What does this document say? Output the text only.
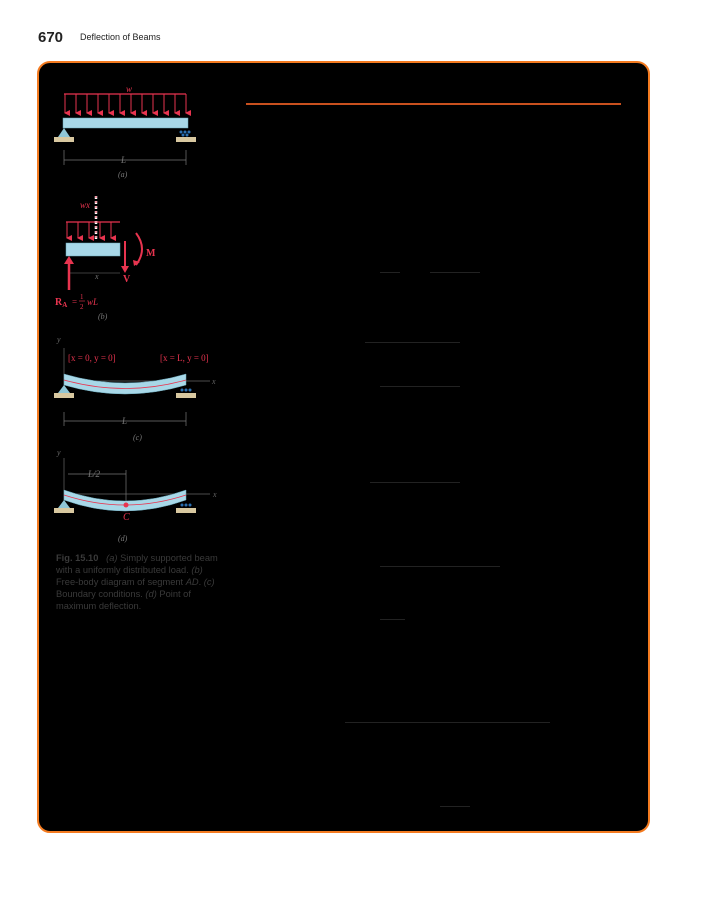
670 Deflection of Beams
w
L
(a)
wx
M
V
x
$R_A = 1$
2 wL
(b)
y
x
[x = 0, y = 0]	[x = L, y = 0]
L
(c)
y
x
L/2
C
(d)
Fig. 15.10 (a) Simply supported beam with a uniformly distributed load. (b) Free-body diagram of segment AD. (c) Boundary conditions. (d) Point of maximum deflection.
